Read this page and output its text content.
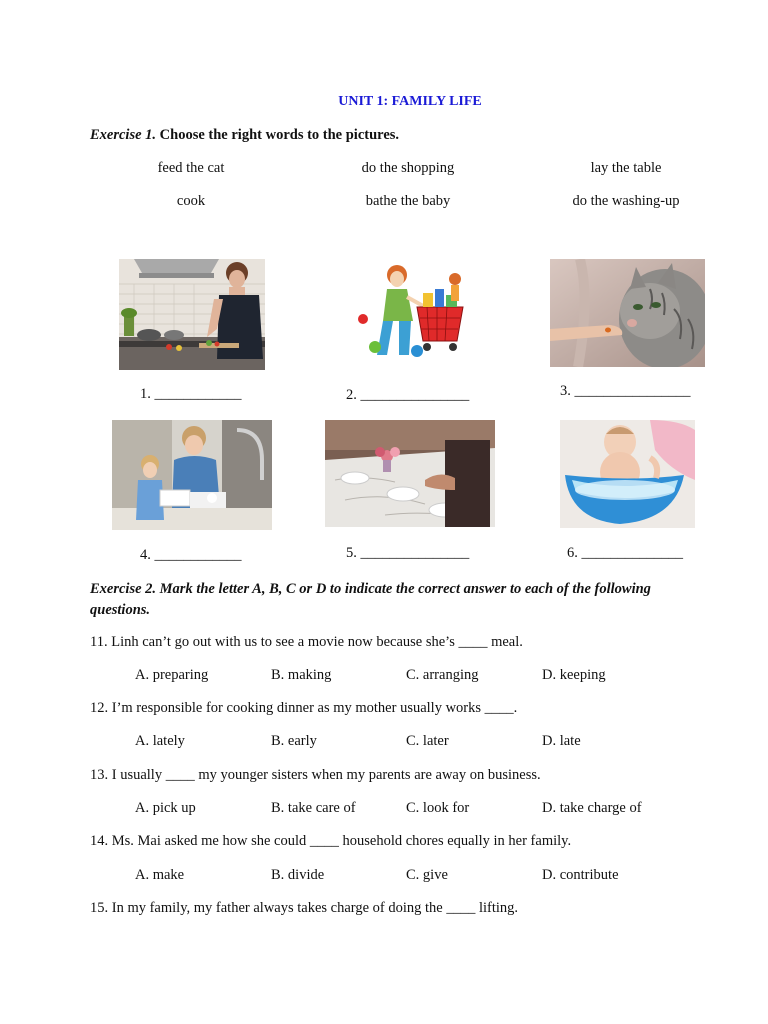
UNIT 1: FAMILY LIFE
Exercise 1. Choose the right words to the pictures.
feed the cat	do the shopping	lay the table
cook	bathe the baby	do the washing-up
1. ____________	2. _______________	3. ________________
4. ____________	5. _______________	6. ______________
Exercise 2. Mark the letter A, B, C or D to indicate the correct answer to each of the following questions.
11. Linh can’t go out with us to see a movie now because she’s ____ meal.
A. preparing	B. making	C. arranging	D. keeping
12. I’m responsible for cooking dinner as my mother usually works ____.
A. lately	B. early	C. later	D. late
13. I usually ____ my younger sisters when my parents are away on business.
A. pick up	B. take care of	C. look for	D. take charge of
14. Ms. Mai asked me how she could ____ household chores equally in her family.
A. make	B. divide	C. give	D. contribute
15. In my family, my father always takes charge of doing the ____ lifting.
